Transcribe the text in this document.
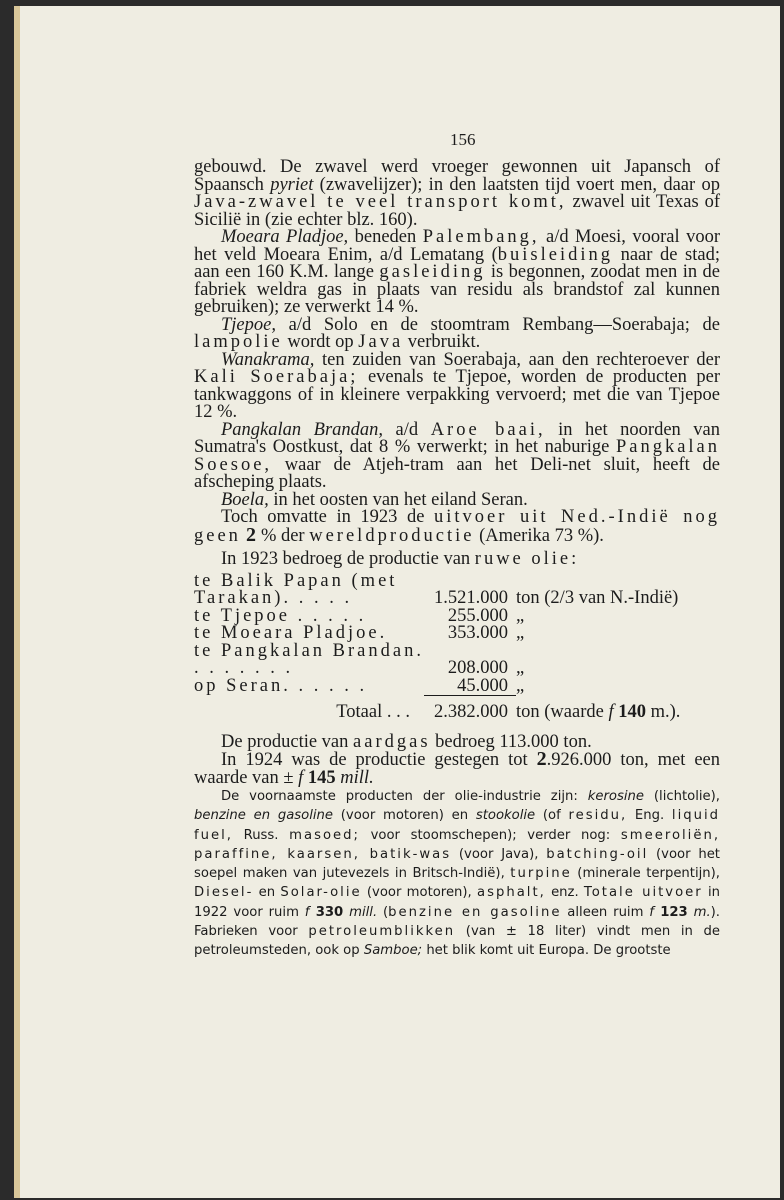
156

gebouwd. De zwavel werd vroeger gewonnen uit Japansch of Spaansch pyriet (zwavelijzer); in den laatsten tijd voert men, daar op Java-zwavel te veel transport komt, zwavel uit Texas of Sicilië in (zie echter blz. 160).

Moeara Pladjoe, beneden Palembang, a/d Moesi, vooral voor het veld Moeara Enim, a/d Lematang (buisleiding naar de stad; aan een 160 K.M. lange gasleiding is begonnen, zoodat men in de fabriek weldra gas in plaats van residu als brandstof zal kunnen gebruiken); ze verwerkt 14 %.

Tjepoe, a/d Solo en de stoomtram Rembang—Soerabaja; de lampolie wordt op Java verbruikt.

Wanakrama, ten zuiden van Soerabaja, aan den rechteroever der Kali Soerabaja; evenals te Tjepoe, worden de producten per tankwaggons of in kleinere verpakking vervoerd; met die van Tjepoe 12 %.

Pangkalan Brandan, a/d Aroe baai, in het noorden van Sumatra's Oostkust, dat 8 % verwerkt; in het naburige Pangkalan Soesoe, waar de Atjeh-tram aan het Deli-net sluit, heeft de afscheping plaats.

Boela, in het oosten van het eiland Seran.

Toch omvatte in 1923 de uitvoer uit Ned.-Indië nog geen 2 % der wereldproductie (Amerika 73 %).

In 1923 bedroeg de productie van ruwe olie:

te Balik Papan (met Tarakan). . . . .	1.521.000	ton (2/3 van N.-Indië)
te Tjepoe . . . . .	255.000	„
te Moeara Pladjoe.	353.000	„
te Pangkalan Brandan. . . . . . . .	208.000	„
op Seran. . . . . .	45.000	„
Totaal . . .	2.382.000	ton (waarde f 140 m.).

De productie van aardgas bedroeg 113.000 ton.

In 1924 was de productie gestegen tot 2.926.000 ton, met een waarde van ± f 145 mill.

De voornaamste producten der olie-industrie zijn: kerosine (lichtolie), benzine en gasoline (voor motoren) en stookolie (of residu, Eng. liquid fuel, Russ. masoed; voor stoomschepen); verder nog: smeeroliën, paraffine, kaarsen, batik-was (voor Java), batching-oil (voor het soepel maken van jutevezels in Britsch-Indië), turpine (minerale terpentijn), Diesel- en Solar-olie (voor motoren), asphalt, enz. Totale uitvoer in 1922 voor ruim f 330 mill. (benzine en gasoline alleen ruim f 123 m.). Fabrieken voor petroleumblikken (van ± 18 liter) vindt men in de petroleumsteden, ook op Samboe; het blik komt uit Europa. De grootste
